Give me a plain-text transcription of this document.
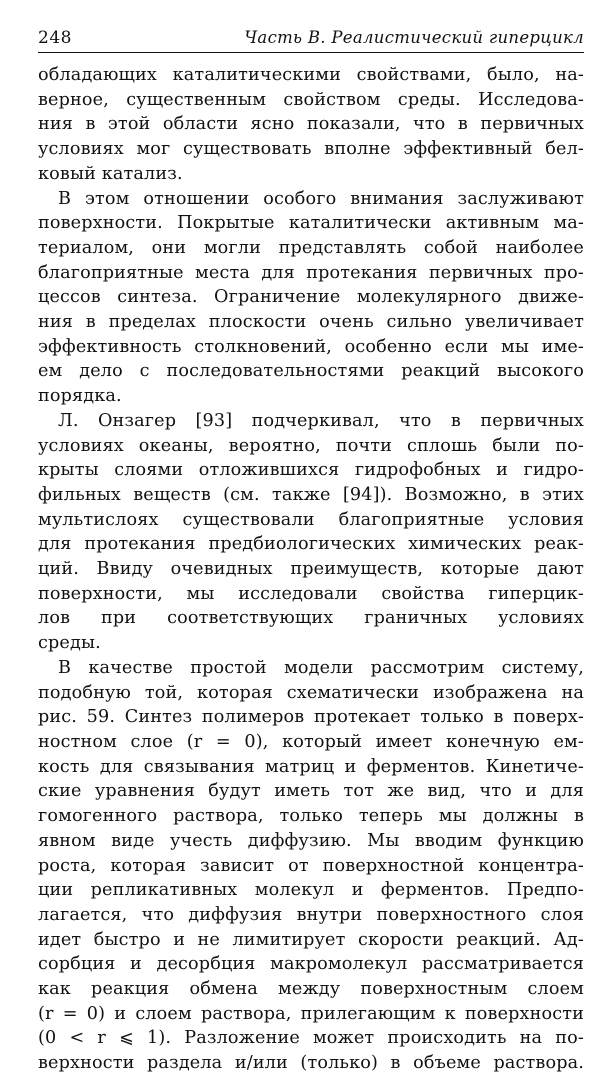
248	Часть В. Реалистический гиперцикл

обладающих каталитическими свойствами, было, на-
верное, существенным свойством среды. Исследова-
ния в этой области ясно показали, что в первичных
условиях мог существовать вполне эффективный бел-
ковый катализ.

В этом отношении особого внимания заслуживают
поверхности. Покрытые каталитически активным ма-
териалом, они могли представлять собой наиболее
благоприятные места для протекания первичных про-
цессов синтеза. Ограничение молекулярного движе-
ния в пределах плоскости очень сильно увеличивает
эффективность столкновений, особенно если мы име-
ем дело с последовательностями реакций высокого
порядка.

Л. Онзагер [93] подчеркивал, что в первичных
условиях океаны, вероятно, почти сплошь были по-
крыты слоями отложившихся гидрофобных и гидро-
фильных веществ (см. также [94]). Возможно, в этих
мультислоях существовали благоприятные условия
для протекания предбиологических химических реак-
ций. Ввиду очевидных преимуществ, которые дают
поверхности, мы исследовали свойства гиперцик-
лов при соответствующих граничных условиях
среды.

В качестве простой модели рассмотрим систему,
подобную той, которая схематически изображена на
рис. 59. Синтез полимеров протекает только в поверх-
ностном слое (r = 0), который имеет конечную ем-
кость для связывания матриц и ферментов. Кинетиче-
ские уравнения будут иметь тот же вид, что и для
гомогенного раствора, только теперь мы должны в
явном виде учесть диффузию. Мы вводим функцию
роста, которая зависит от поверхностной концентра-
ции репликативных молекул и ферментов. Предпо-
лагается, что диффузия внутри поверхностного слоя
идет быстро и не лимитирует скорости реакций. Ад-
сорбция и десорбция макромолекул рассматривается
как реакция обмена между поверхностным слоем
(r = 0) и слоем раствора, прилегающим к поверхности
(0 < r ⩽ 1). Разложение может происходить на по-
верхности раздела и/или (только) в объеме раствора.
